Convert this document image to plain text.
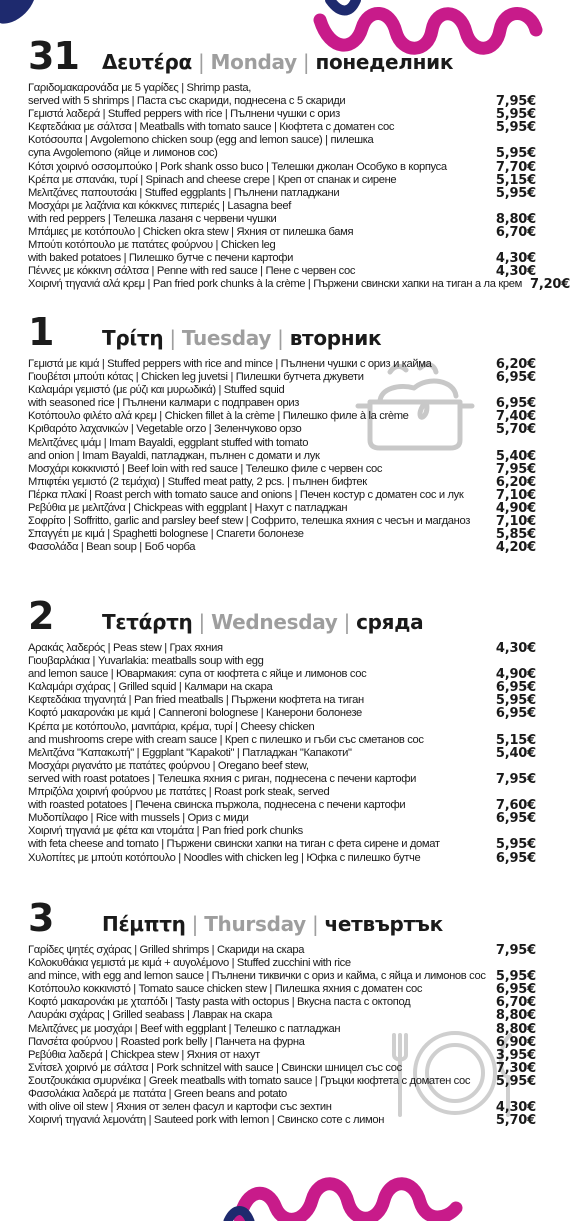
31 Δευτέρα | Monday | понеделник
Γαριδομακαρονάδα με 5 γαρίδες | Shrimp pasta,
served with 5 shrimps | Паста със скариди, поднесена с 5 скариди	7,95€
Γεμιστά λαδερά | Stuffed peppers with rice | Пълнени чушки с ориз	5,95€
Κεφτεδάκια με σάλτσα | Meatballs with tomato sauce | Кюфтета с доматен сос	5,95€
Κοτόσουπα | Avgolemono chicken soup (egg and lemon sauce) | пилешка
супа Avgolemono (яйце и лимонов сос)	5,95€
Κότσι χοιρινό οσσομπούκο | Pork shank osso buco | Телешки джолан Особуко в корпуса	7,70€
Κρέπα με σπανάκι, τυρί | Spinach and cheese crepe | Креп от спанак и сирене	5,15€
Μελιτζάνες παπουτσάκι | Stuffed eggplants | Пълнени патладжани	5,95€
Μοσχάρι με λαζάνια και κόκκινες πιπεριές | Lasagna beef
with red peppers | Телешка лазаня с червени чушки	8,80€
Μπάμιες με κοτόπουλο | Chicken okra stew | Яхния от пилешка бамя	6,70€
Μπούτι κοτόπουλο με πατάτες φούρνου | Chicken leg
with baked potatoes | Пилешко бутче с печени картофи	4,30€
Πέννες με κόκκινη σάλτσα | Penne with red sauce | Пене с червен сос	4,30€
Χοιρινή τηγανιά αλά κρεμ | Pan fried pork chunks à la crème | Пържени свински хапки на тиган а ла крем 7,20€
1 Τρίτη | Tuesday | вторник
Γεμιστά με κιμά | Stuffed peppers with rice and mince | Пълнени чушки с ориз и кайма	6,20€
Γιουβέτσι μπούτι κότας | Chicken leg juvetsi | Пилешки бутчета джувети	6,95€
Καλαμάρι γεμιστό (με ρύζι και μυρωδικά) | Stuffed squid
with seasoned rice | Пълнени калмари с подправен ориз	6,95€
Κοτόπουλο φιλέτο αλά κρεμ | Chicken fillet à la crème | Пилешко филе à la crème	7,40€
Κριθαρότο λαχανικών | Vegetable orzo | Зеленчуково орзо	5,70€
Μελιτζάνες ιμάμ | Imam Bayaldi, eggplant stuffed with tomato
and onion | Imam Bayaldi, патладжан, пълнен с домати и лук	5,40€
Μοσχάρι κοκκινιστό | Beef loin with red sauce | Телешко филе с червен сос	7,95€
Μπιφτέκι γεμιστό (2 τεμάχια) | Stuffed meat patty, 2 pcs. | пълнен бифтек	6,20€
Πέρκα πλακί | Roast perch with tomato sauce and onions | Печен костур с доматен сос и лук	7,10€
Ρεβύθια με μελιτζάνα | Chickpeas with eggplant | Нахут с патладжан	4,90€
Σοφρίτο | Soffritto, garlic and parsley beef stew | Софрито, телешка яхния с чесън и магданоз	7,10€
Σπαγγέτι με κιμά | Spaghetti bolognese | Спагети болонезе	5,85€
Φασολάδα | Bean soup | Боб чорба	4,20€
2 Τετάρτη | Wednesday | сряда
Αρακάς λαδερός | Peas stew | Грах яхния	4,30€
Γιουβαρλάκια | Yuvarlakia: meatballs soup with egg
and lemon sauce | Ювармакия: супа от кюфтета с яйце и лимонов сос	4,90€
Καλαμάρι σχάρας | Grilled squid | Калмари на скара	6,95€
Κεφτεδάκια τηγανητά | Pan fried meatballs | Пържени кюфтета на тиган	5,95€
Κοφτό μακαρονάκι με κιμά | Canneroni bolognese | Канерони болонезе	6,95€
Κρέπα με κοτόπουλο, μανιτάρια, κρέμα, τυρί | Cheesy chicken
and mushrooms crepe with cream sauce | Креп с пилешко и гъби със сметанов сос	5,15€
Μελιτζάνα "Καπακωτή" | Eggplant "Kapakoti" | Патладжан "Капакоти"	5,40€
Μοσχάρι ριγανάτο με πατάτες φούρνου | Oregano beef stew,
served with roast potatoes | Телешка яхния с риган, поднесена с печени картофи	7,95€
Μπριζόλα χοιρινή φούρνου με πατάτες | Roast pork steak, served
with roasted potatoes | Печена свинска пържола, поднесена с печени картофи	7,60€
Μυδοπίλαφο | Rice with mussels | Ориз с миди	6,95€
Χοιρινή τηγανιά με φέτα και ντομάτα | Pan fried pork chunks
with feta cheese and tomato | Пържени свински хапки на тиган с фета сирене и домат	5,95€
Χυλοπίτες με μπούτι κοτόπουλο | Noodles with chicken leg | Юфка с пилешко бутче	6,95€
3 Πέμπτη | Thursday | четвъртък
Γαρίδες ψητές σχάρας | Grilled shrimps | Скариди на скара	7,95€
Κολοκυθάκια γεμιστά με κιμά + αυγολέμονο | Stuffed zucchini with rice
and mince, with egg and lemon sauce | Пълнени тиквички с ориз и кайма, с яйца и лимонов сос 5,95€
Κοτόπουλο κοκκινιστό | Tomato sauce chicken stew | Пилешка яхния с доматен сос	6,95€
Κοφτό μακαρονάκι με χταπόδι | Tasty pasta with octopus | Вкусна паста с октопод	6,70€
Λαυράκι σχάρας | Grilled seabass | Лаврак на скара	8,80€
Μελιτζάνες με μοσχάρι | Beef with eggplant | Телешко с патладжан	8,80€
Πανσέτα φούρνου | Roasted pork belly | Панчета на фурна	6,90€
Ρεβύθια λαδερά | Chickpea stew | Яхния от нахут	3,95€
Σνίτσελ χοιρινό με σάλτσα | Pork schnitzel with sauce | Свински шницел със сос	7,30€
Σουτζουκάκια σμυρνέικα | Greek meatballs with tomato sauce | Гръцки кюфтета с доматен сос	5,95€
Φασολάκια λαδερά με πατάτα | Green beans and potato
with olive oil stew | Яхния от зелен фасул и картофи със зехтин	4,30€
Χοιρινή τηγανιά λεμονάτη | Sauteed pork with lemon | Свинско соте с лимон	5,70€
